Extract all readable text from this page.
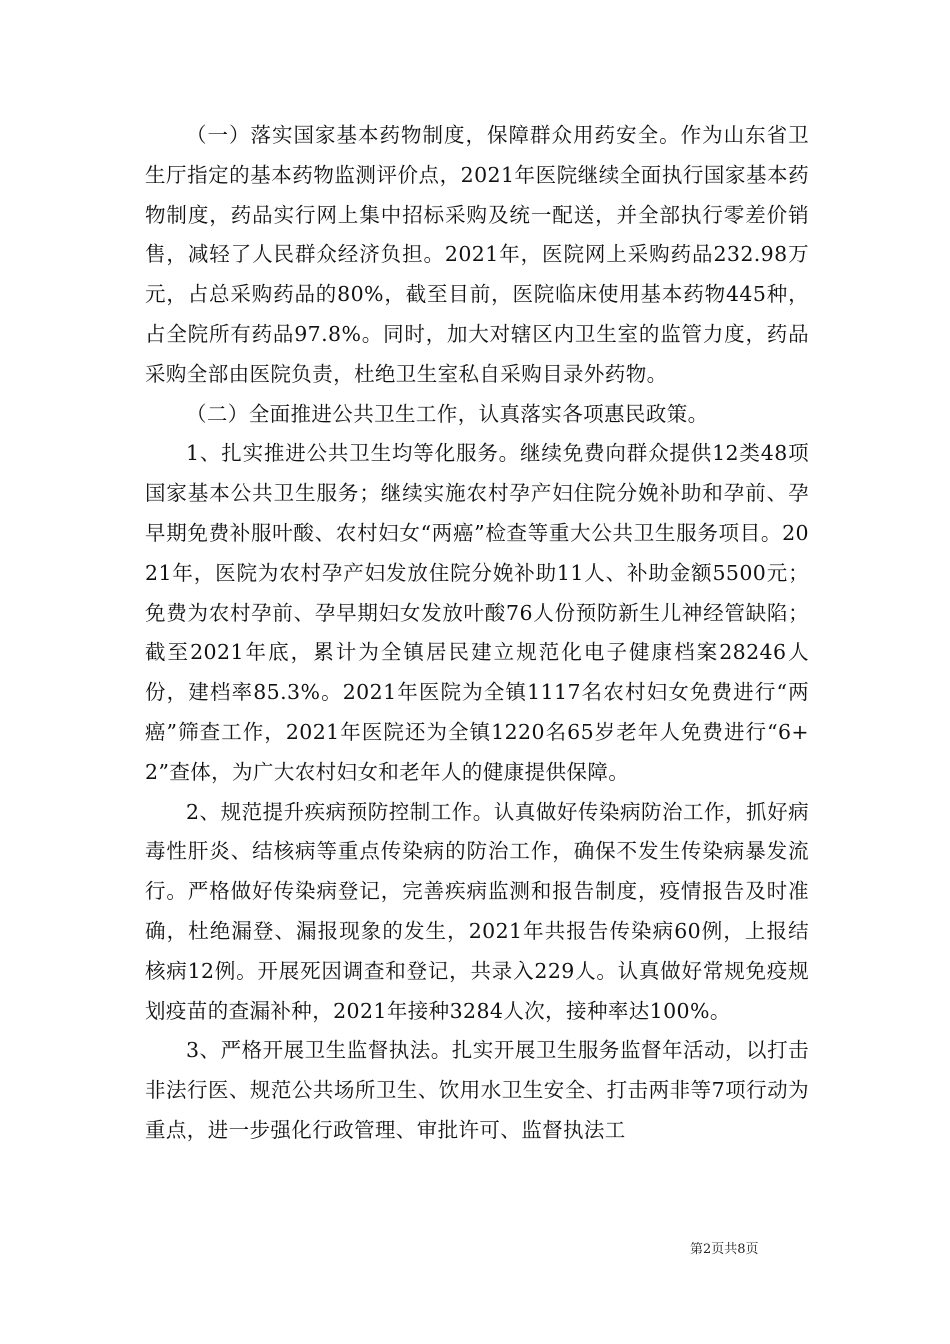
（一）落实国家基本药物制度，保障群众用药安全。作为山东省卫生厅指定的基本药物监测评价点，2021年医院继续全面执行国家基本药物制度，药品实行网上集中招标采购及统一配送，并全部执行零差价销售，减轻了人民群众经济负担。2021年，医院网上采购药品232.98万元，占总采购药品的80%，截至目前，医院临床使用基本药物445种，占全院所有药品97.8%。同时，加大对辖区内卫生室的监管力度，药品采购全部由医院负责，杜绝卫生室私自采购目录外药物。

（二）全面推进公共卫生工作，认真落实各项惠民政策。

1、扎实推进公共卫生均等化服务。继续免费向群众提供12类48项国家基本公共卫生服务；继续实施农村孕产妇住院分娩补助和孕前、孕早期免费补服叶酸、农村妇女“两癌”检查等重大公共卫生服务项目。2021年，医院为农村孕产妇发放住院分娩补助11人、补助金额5500元；免费为农村孕前、孕早期妇女发放叶酸76人份预防新生儿神经管缺陷；截至2021年底，累计为全镇居民建立规范化电子健康档案28246人份，建档率85.3%。2021年医院为全镇1117名农村妇女免费进行“两癌”筛查工作，2021年医院还为全镇1220名65岁老年人免费进行“6+2”查体，为广大农村妇女和老年人的健康提供保障。

2、规范提升疾病预防控制工作。认真做好传染病防治工作，抓好病毒性肝炎、结核病等重点传染病的防治工作，确保不发生传染病暴发流行。严格做好传染病登记，完善疾病监测和报告制度，疫情报告及时准确，杜绝漏登、漏报现象的发生，2021年共报告传染病60例，上报结核病12例。开展死因调查和登记，共录入229人。认真做好常规免疫规划疫苗的查漏补种，2021年接种3284人次，接种率达100%。

3、严格开展卫生监督执法。扎实开展卫生服务监督年活动，以打击非法行医、规范公共场所卫生、饮用水卫生安全、打击两非等7项行动为重点，进一步强化行政管理、审批许可、监督执法工

第2页共8页
